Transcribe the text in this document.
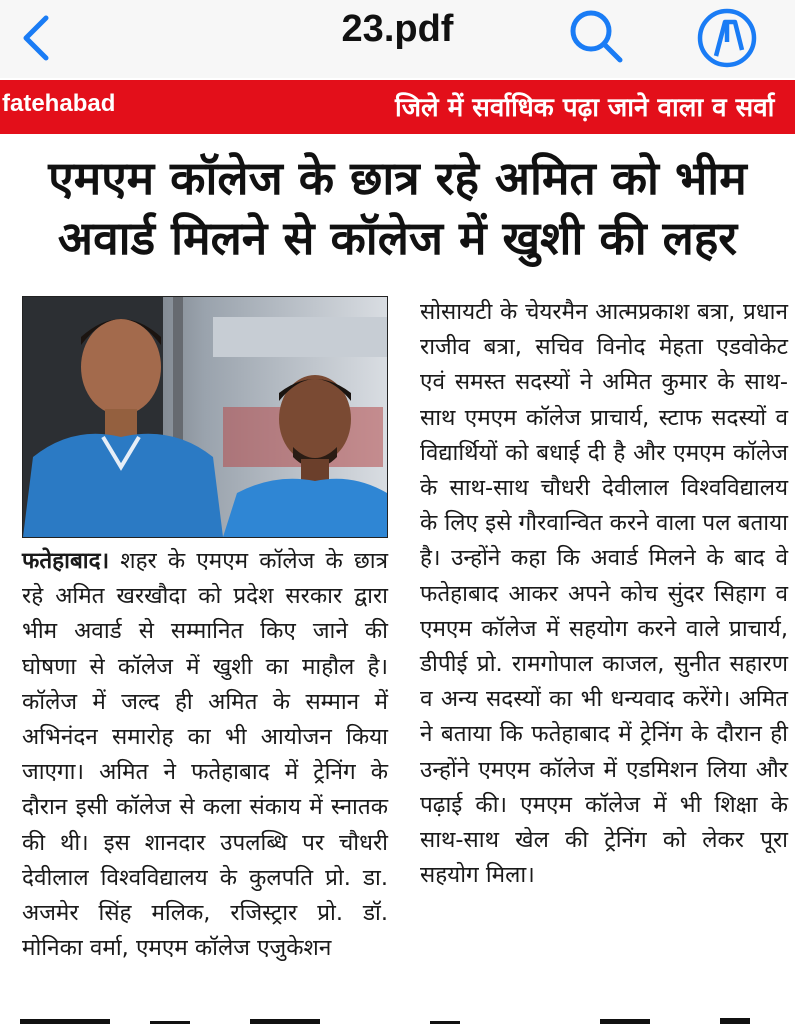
23.pdf
fatehabad	जिले में सर्वाधिक पढ़ा जाने वाला व सर्वा
एमएम कॉलेज के छात्र रहे अमित को भीम
अवार्ड मिलने से कॉलेज में खुशी की लहर

फतेहाबाद। शहर के एमएम कॉलेज के छात्र रहे अमित खरखौदा को प्रदेश सरकार द्वारा भीम अवार्ड से सम्मानित किए जाने की घोषणा से कॉलेज में खुशी का माहौल है। कॉलेज में जल्द ही अमित के सम्मान में अभिनंदन समारोह का भी आयोजन किया जाएगा। अमित ने फतेहाबाद में ट्रेनिंग के दौरान इसी कॉलेज से कला संकाय में स्नातक की थी। इस शानदार उपलब्धि पर चौधरी देवीलाल विश्वविद्यालय के कुलपति प्रो. डा. अजमेर सिंह मलिक, रजिस्ट्रार प्रो. डॉ. मोनिका वर्मा, एमएम कॉलेज एजुकेशन

सोसायटी के चेयरमैन आत्मप्रकाश बत्रा, प्रधान राजीव बत्रा, सचिव विनोद मेहता एडवोकेट एवं समस्त सदस्यों ने अमित कुमार के साथ-साथ एमएम कॉलेज प्राचार्य, स्टाफ सदस्यों व विद्यार्थियों को बधाई दी है और एमएम कॉलेज के साथ-साथ चौधरी देवीलाल विश्वविद्यालय के लिए इसे गौरवान्वित करने वाला पल बताया है। उन्होंने कहा कि अवार्ड मिलने के बाद वे फतेहाबाद आकर अपने कोच सुंदर सिहाग व एमएम कॉलेज में सहयोग करने वाले प्राचार्य, डीपीई प्रो. रामगोपाल काजल, सुनीत सहारण व अन्य सदस्यों का भी धन्यवाद करेंगे। अमित ने बताया कि फतेहाबाद में ट्रेनिंग के दौरान ही उन्होंने एमएम कॉलेज में एडमिशन लिया और पढ़ाई की। एमएम कॉलेज में भी शिक्षा के साथ-साथ खेल की ट्रेनिंग को लेकर पूरा सहयोग मिला।
